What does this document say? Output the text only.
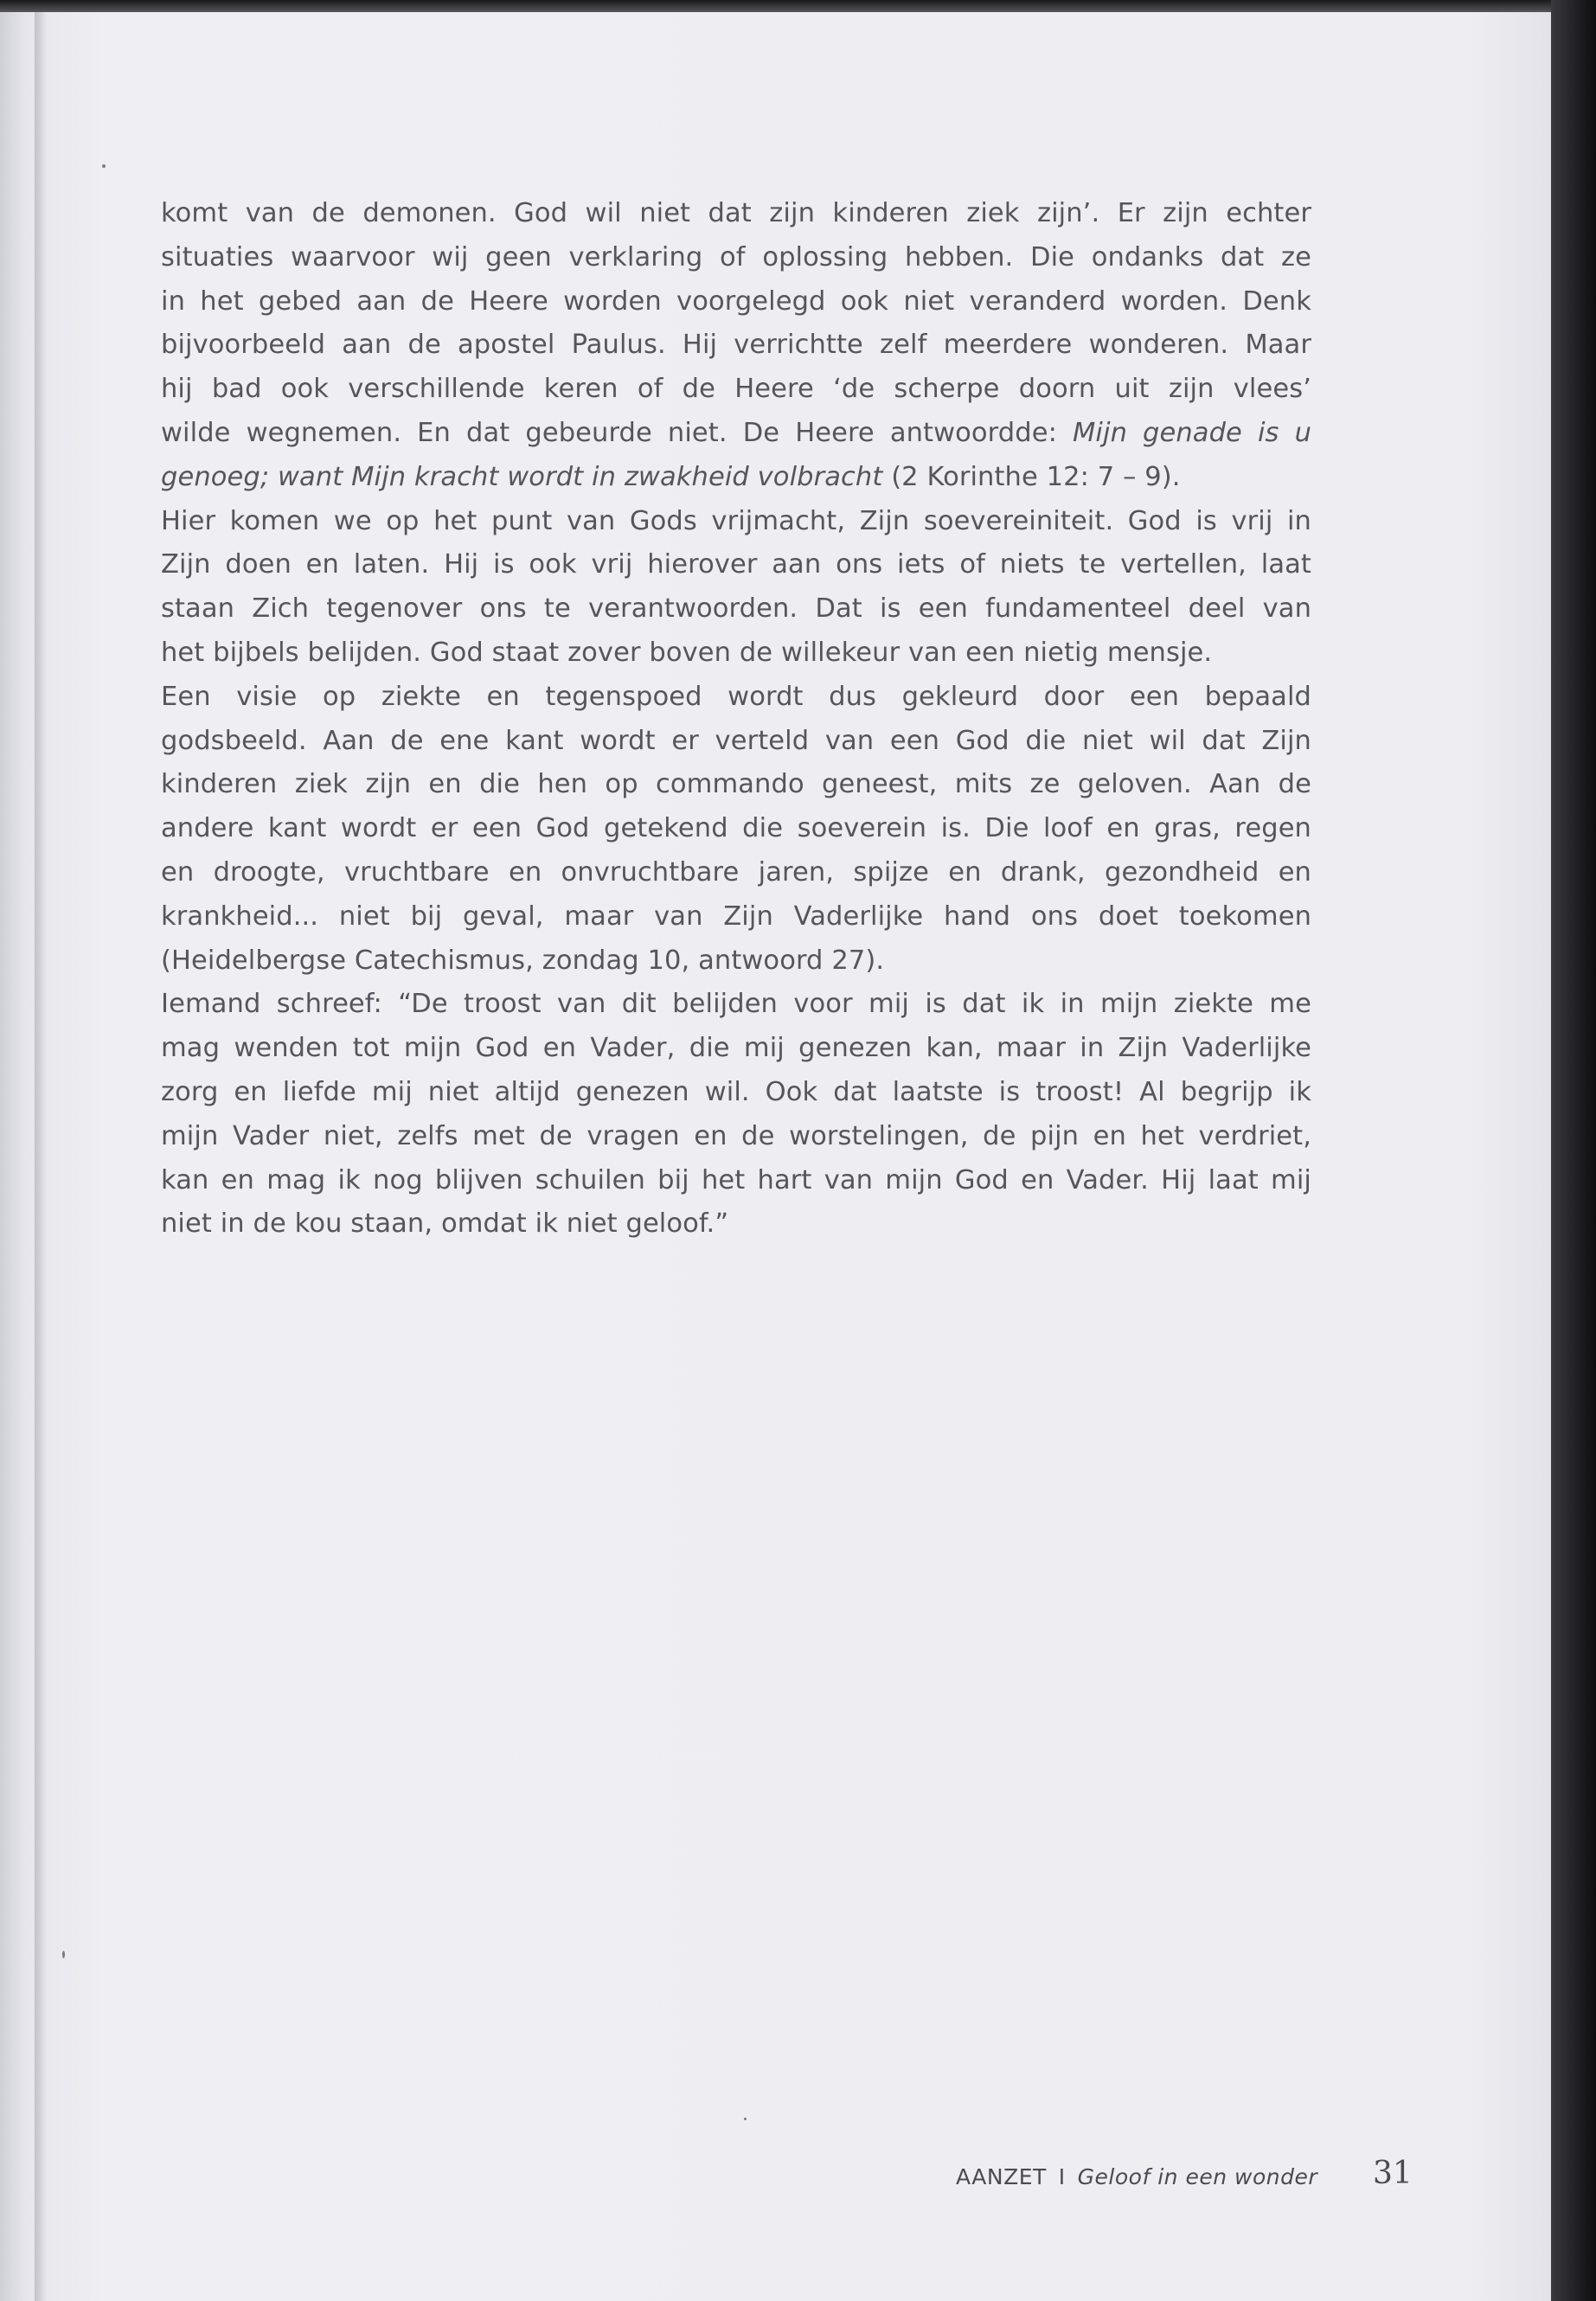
komt van de demonen. God wil niet dat zijn kinderen ziek zijn’. Er zijn echter
situaties waarvoor wij geen verklaring of oplossing hebben. Die ondanks dat ze
in het gebed aan de Heere worden voorgelegd ook niet veranderd worden. Denk
bijvoorbeeld aan de apostel Paulus. Hij verrichtte zelf meerdere wonderen. Maar
hij bad ook verschillende keren of de Heere ‘de scherpe doorn uit zijn vlees’
wilde wegnemen. En dat gebeurde niet. De Heere antwoordde: Mijn genade is u
genoeg; want Mijn kracht wordt in zwakheid volbracht (2 Korinthe 12: 7 – 9).
Hier komen we op het punt van Gods vrijmacht, Zijn soevereiniteit. God is vrij in
Zijn doen en laten. Hij is ook vrij hierover aan ons iets of niets te vertellen, laat
staan Zich tegenover ons te verantwoorden. Dat is een fundamenteel deel van
het bijbels belijden. God staat zover boven de willekeur van een nietig mensje.
Een visie op ziekte en tegenspoed wordt dus gekleurd door een bepaald
godsbeeld. Aan de ene kant wordt er verteld van een God die niet wil dat Zijn
kinderen ziek zijn en die hen op commando geneest, mits ze geloven. Aan de
andere kant wordt er een God getekend die soeverein is. Die loof en gras, regen
en droogte, vruchtbare en onvruchtbare jaren, spijze en drank, gezondheid en
krankheid... niet bij geval, maar van Zijn Vaderlijke hand ons doet toekomen
(Heidelbergse Catechismus, zondag 10, antwoord 27).
Iemand schreef: “De troost van dit belijden voor mij is dat ik in mijn ziekte me
mag wenden tot mijn God en Vader, die mij genezen kan, maar in Zijn Vaderlijke
zorg en liefde mij niet altijd genezen wil. Ook dat laatste is troost! Al begrijp ik
mijn Vader niet, zelfs met de vragen en de worstelingen, de pijn en het verdriet,
kan en mag ik nog blijven schuilen bij het hart van mijn God en Vader. Hij laat mij
niet in de kou staan, omdat ik niet geloof.”
AANZET I Geloof in een wonder 31
